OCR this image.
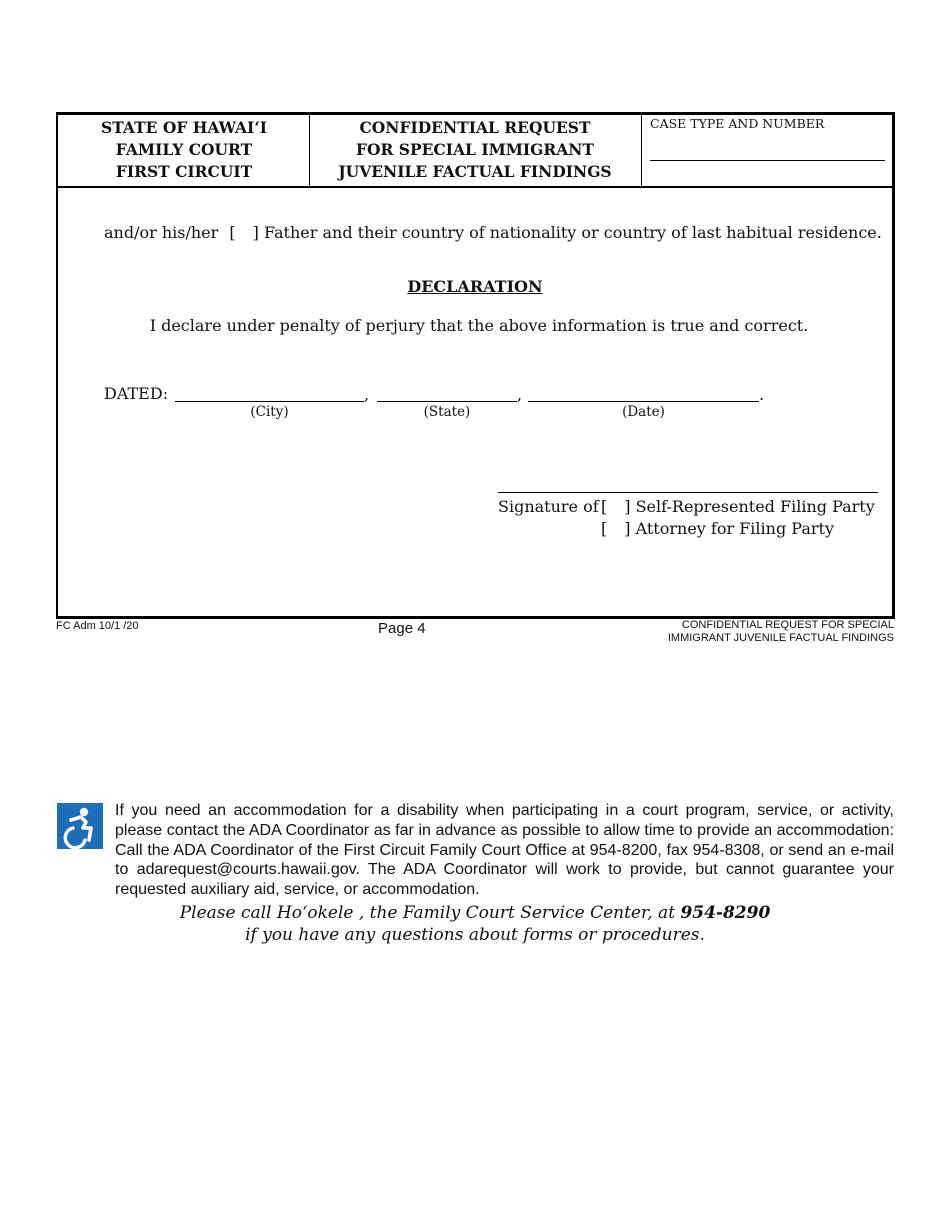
STATE OF HAWAI‘I
FAMILY COURT
FIRST CIRCUIT
CONFIDENTIAL REQUEST
FOR SPECIAL IMMIGRANT
JUVENILE FACTUAL FINDINGS
CASE TYPE AND NUMBER
and/or his/her [ ] Father and their country of nationality or country of last habitual residence.
DECLARATION
I declare under penalty of perjury that the above information is true and correct.
DATED:	,	,	.
(City)	(State)	(Date)
Signature of [ ] Self-Represented Filing Party
[ ] Attorney for Filing Party
FC Adm 10/1 /20	Page 4	CONFIDENTIAL REQUEST FOR SPECIAL
IMMIGRANT JUVENILE FACTUAL FINDINGS
If you need an accommodation for a disability when participating in a court program, service, or activity, please contact the ADA Coordinator as far in advance as possible to allow time to provide an accommodation: Call the ADA Coordinator of the First Circuit Family Court Office at 954-8200, fax 954-8308, or send an e-mail to adarequest@courts.hawaii.gov. The ADA Coordinator will work to provide, but cannot guarantee your requested auxiliary aid, service, or accommodation.
Please call Ho‘okele , the Family Court Service Center, at 954-8290
if you have any questions about forms or procedures.
